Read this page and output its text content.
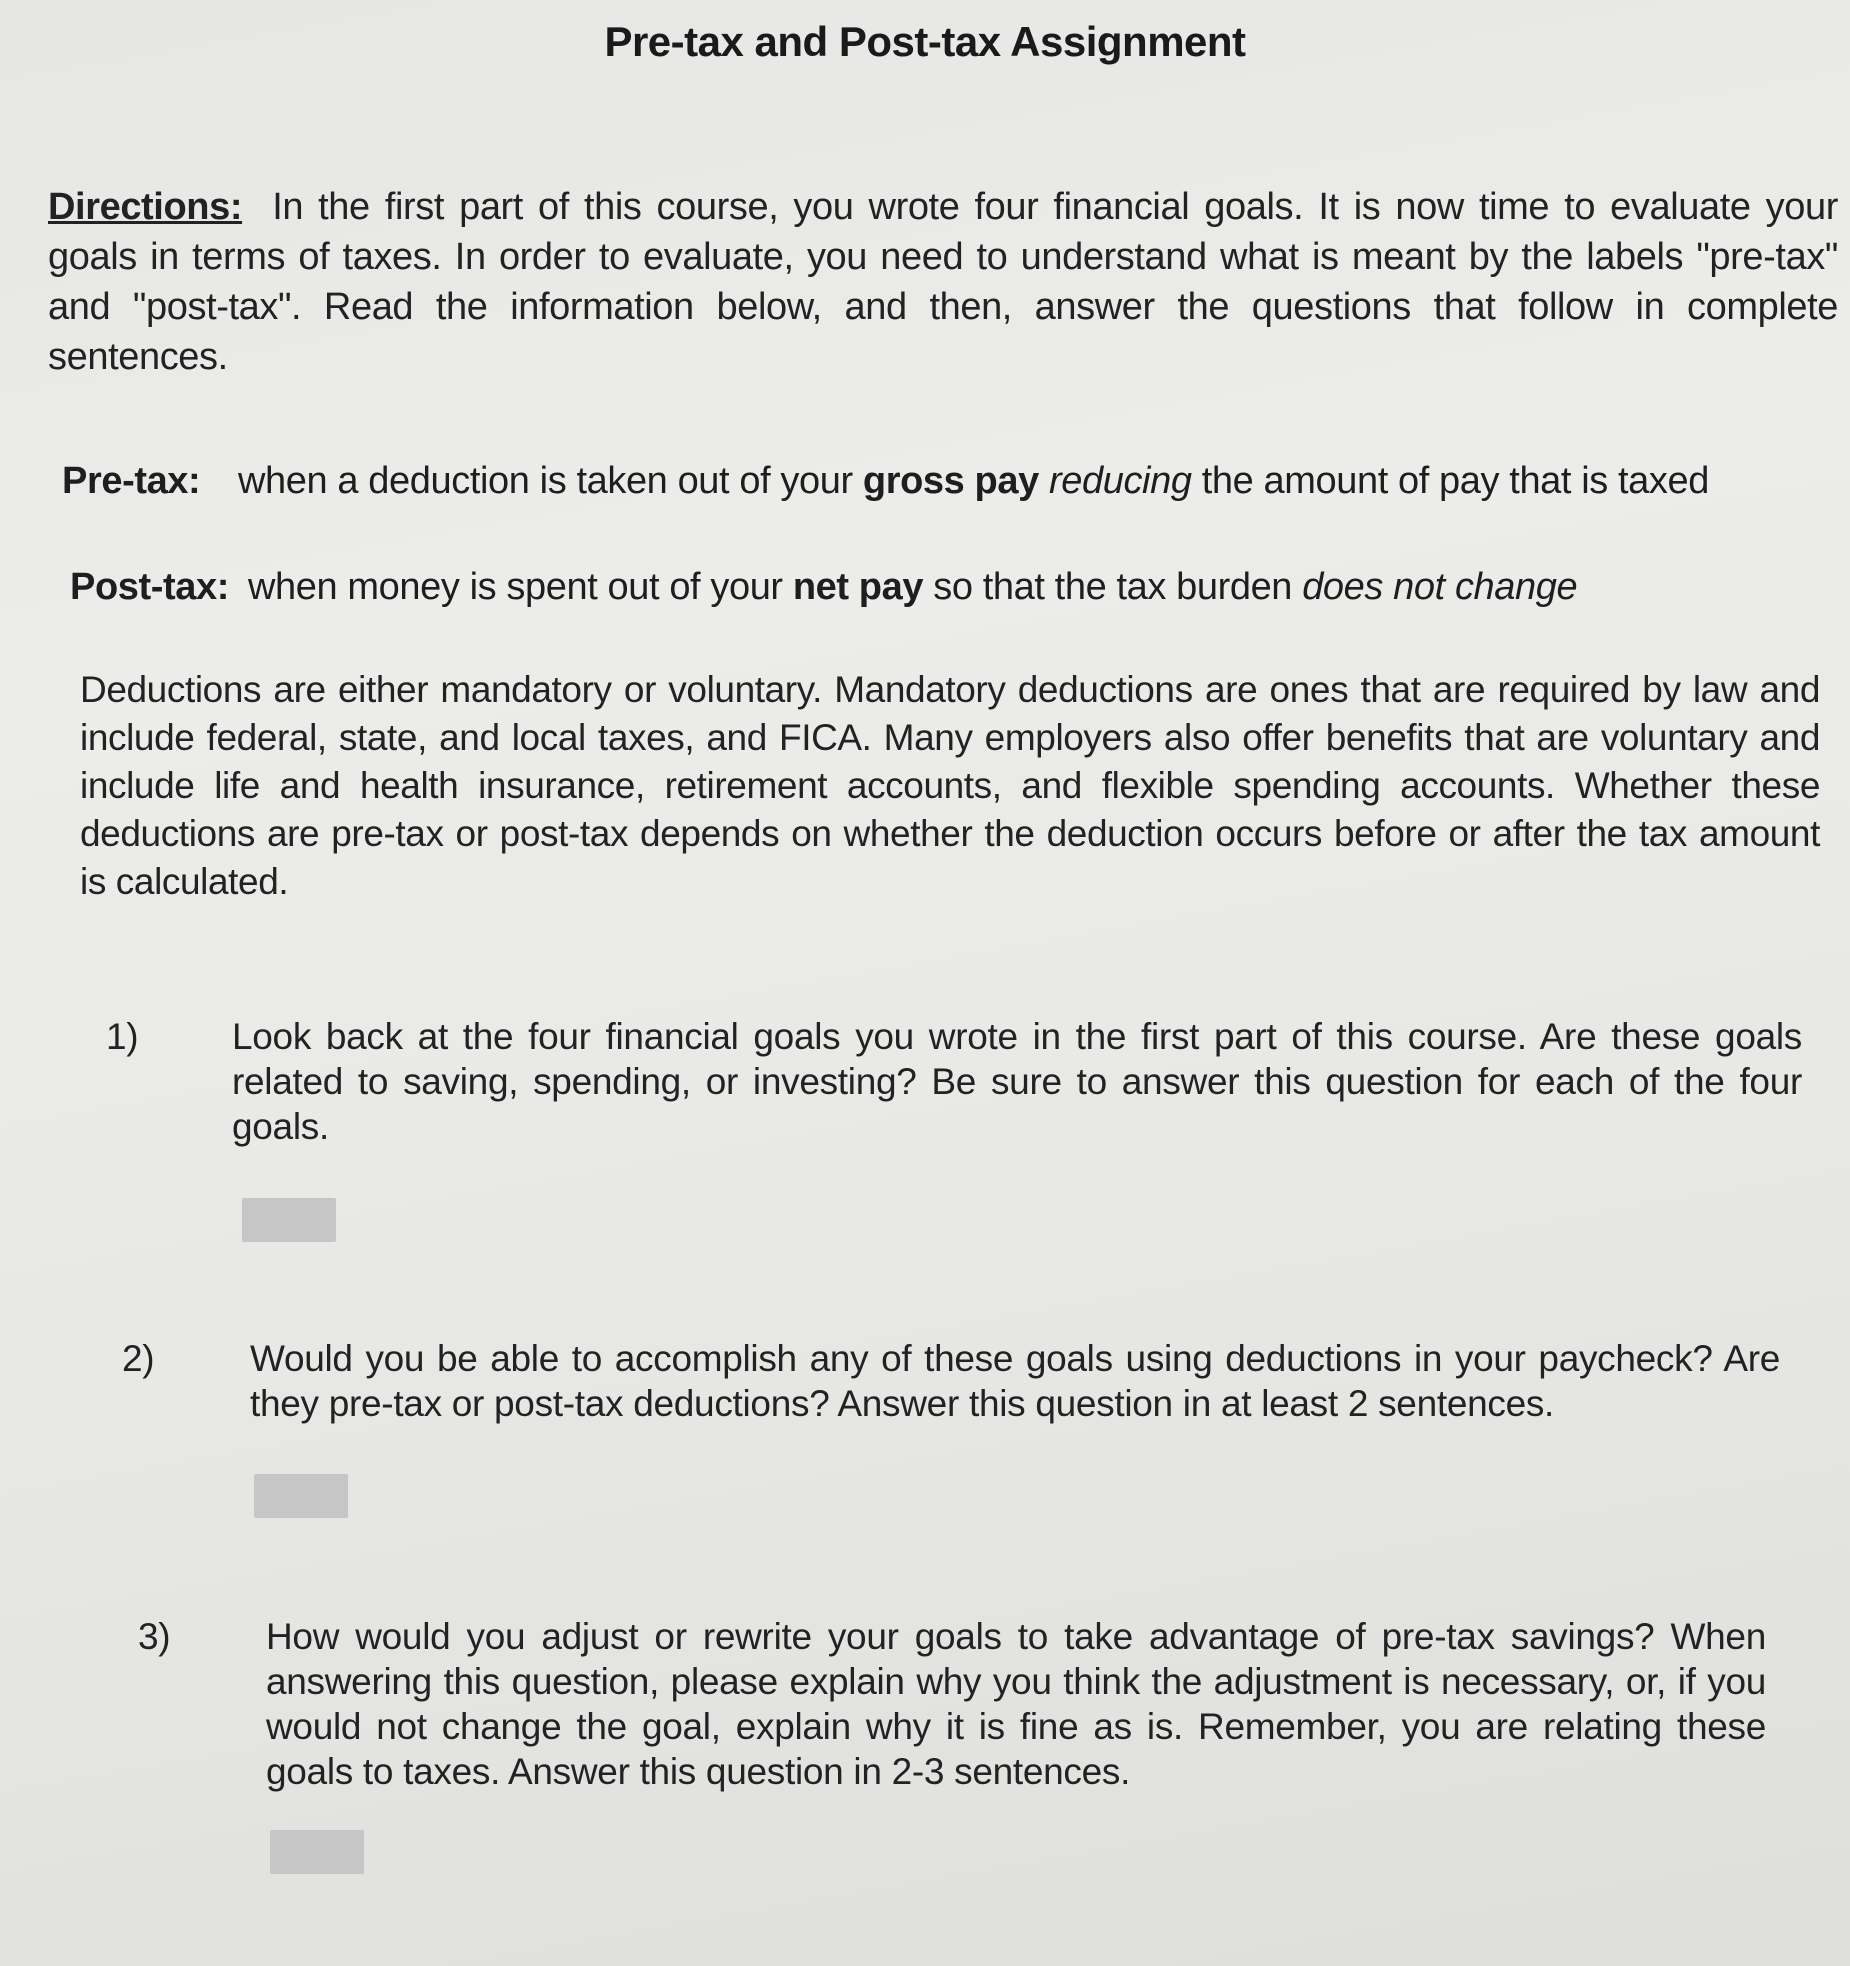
Pre-tax and Post-tax Assignment
Directions: In the first part of this course, you wrote four financial goals. It is now time to evaluate your goals in terms of taxes. In order to evaluate, you need to understand what is meant by the labels "pre-tax" and "post-tax". Read the information below, and then, answer the questions that follow in complete sentences.
Pre-tax: when a deduction is taken out of your gross pay reducing the amount of pay that is taxed
Post-tax: when money is spent out of your net pay so that the tax burden does not change
Deductions are either mandatory or voluntary. Mandatory deductions are ones that are required by law and include federal, state, and local taxes, and FICA. Many employers also offer benefits that are voluntary and include life and health insurance, retirement accounts, and flexible spending accounts. Whether these deductions are pre-tax or post-tax depends on whether the deduction occurs before or after the tax amount is calculated.
1)	Look back at the four financial goals you wrote in the first part of this course. Are these goals related to saving, spending, or investing? Be sure to answer this question for each of the four goals.
2)	Would you be able to accomplish any of these goals using deductions in your paycheck? Are they pre-tax or post-tax deductions? Answer this question in at least 2 sentences.
3)	How would you adjust or rewrite your goals to take advantage of pre-tax savings? When answering this question, please explain why you think the adjustment is necessary, or, if you would not change the goal, explain why it is fine as is. Remember, you are relating these goals to taxes. Answer this question in 2-3 sentences.
